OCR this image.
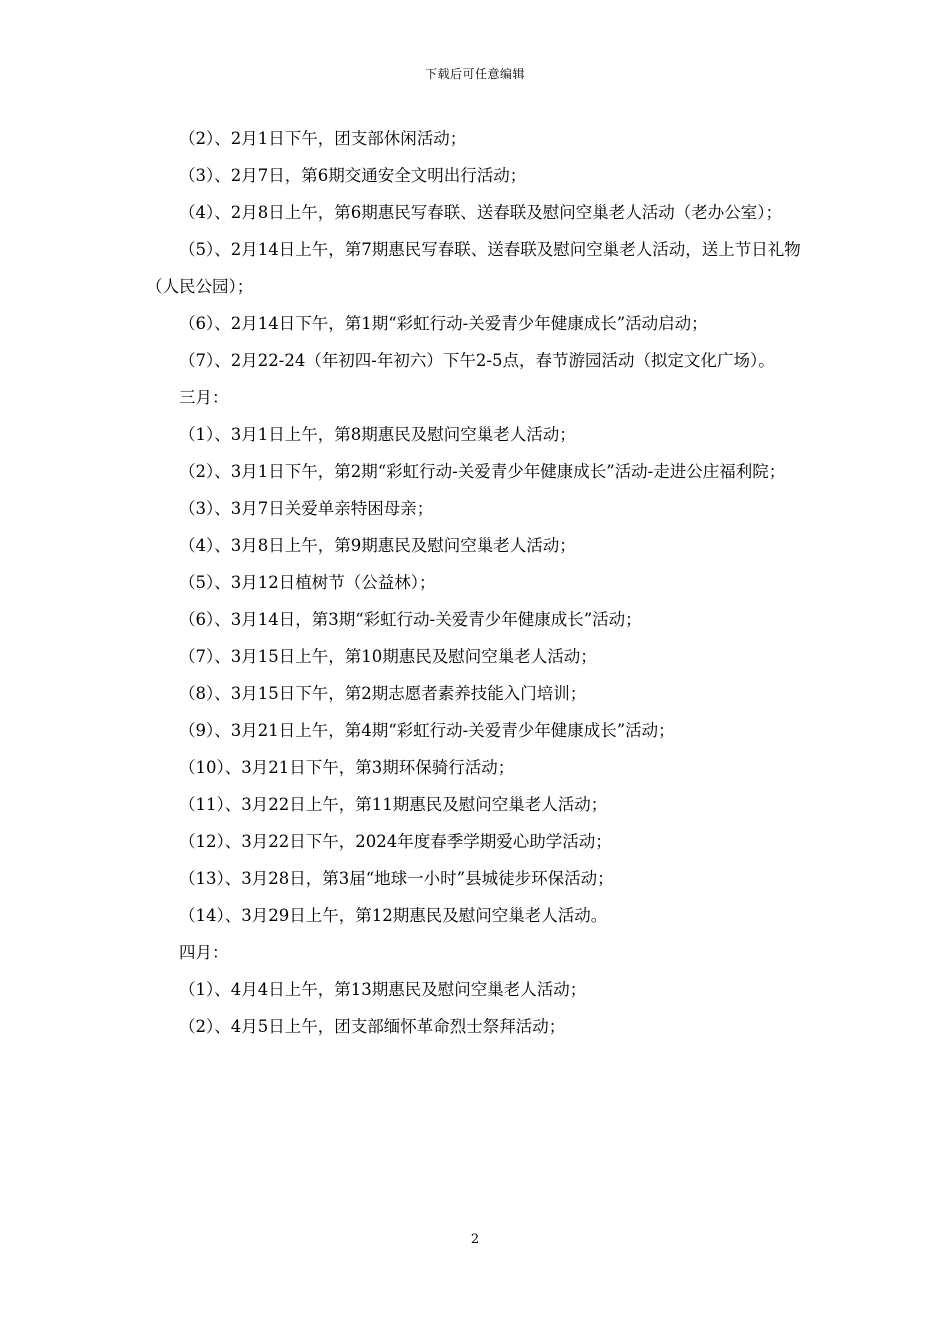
下载后可任意编辑

（2）、2月1日下午，团支部休闲活动；

（3）、2月7日，第6期交通安全文明出行活动；

（4）、2月8日上午，第6期惠民写春联、送春联及慰问空巢老人活动（老办公室）；

（5）、2月14日上午，第7期惠民写春联、送春联及慰问空巢老人活动，送上节日礼物（人民公园）；

（6）、2月14日下午，第1期“彩虹行动-关爱青少年健康成长”活动启动；

（7）、2月22-24（年初四-年初六）下午2-5点，春节游园活动（拟定文化广场）。

三月：

（1）、3月1日上午，第8期惠民及慰问空巢老人活动；

（2）、3月1日下午，第2期“彩虹行动-关爱青少年健康成长”活动-走进公庄福利院；

（3）、3月7日关爱单亲特困母亲；

（4）、3月8日上午，第9期惠民及慰问空巢老人活动；

（5）、3月12日植树节（公益林）；

（6）、3月14日，第3期“彩虹行动-关爱青少年健康成长”活动；

（7）、3月15日上午，第10期惠民及慰问空巢老人活动；

（8）、3月15日下午，第2期志愿者素养技能入门培训；

（9）、3月21日上午，第4期“彩虹行动-关爱青少年健康成长”活动；

（10）、3月21日下午，第3期环保骑行活动；

（11）、3月22日上午，第11期惠民及慰问空巢老人活动；

（12）、3月22日下午，2024年度春季学期爱心助学活动；

（13）、3月28日，第3届“地球一小时”县城徒步环保活动；

（14）、3月29日上午，第12期惠民及慰问空巢老人活动。

四月：

（1）、4月4日上午，第13期惠民及慰问空巢老人活动；

（2）、4月5日上午，团支部缅怀革命烈士祭拜活动；

2
